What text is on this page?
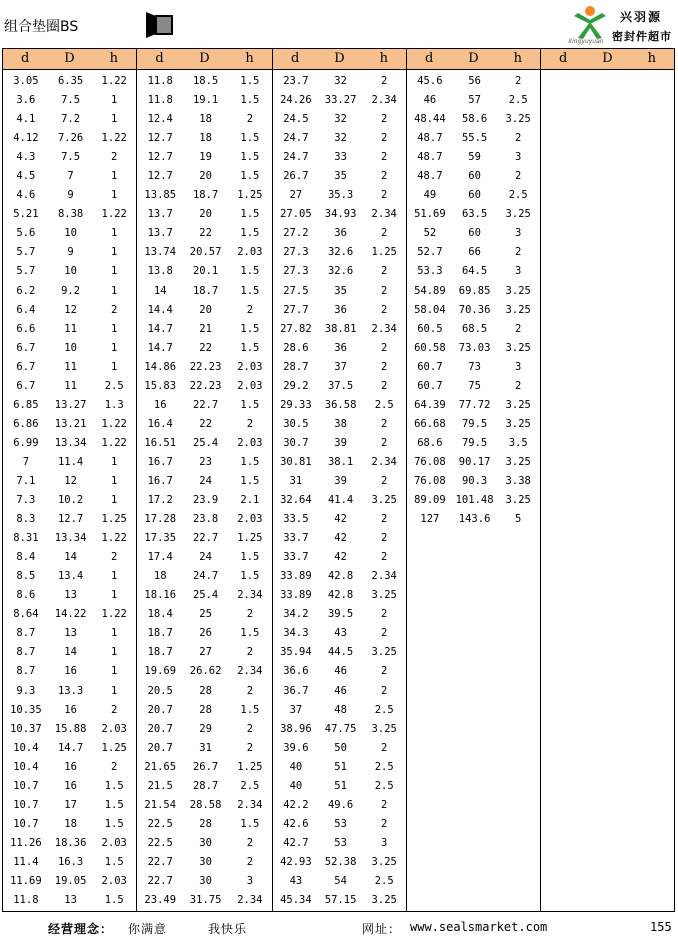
组合垫圈BS
兴羽源
密封件超市
Xingyuyuan
d	D	h
3.05	6.35	1.22
3.6	7.5	1
4.1	7.2	1
4.12	7.26	1.22
4.3	7.5	2
4.5	7	1
4.6	9	1
5.21	8.38	1.22
5.6	10	1
5.7	9	1
5.7	10	1
6.2	9.2	1
6.4	12	2
6.6	11	1
6.7	10	1
6.7	11	1
6.7	11	2.5
6.85	13.27	1.3
6.86	13.21	1.22
6.99	13.34	1.22
7	11.4	1
7.1	12	1
7.3	10.2	1
8.3	12.7	1.25
8.31	13.34	1.22
8.4	14	2
8.5	13.4	1
8.6	13	1
8.64	14.22	1.22
8.7	13	1
8.7	14	1
8.7	16	1
9.3	13.3	1
10.35	16	2
10.37	15.88	2.03
10.4	14.7	1.25
10.4	16	2
10.7	16	1.5
10.7	17	1.5
10.7	18	1.5
11.26	18.36	2.03
11.4	16.3	1.5
11.69	19.05	2.03
11.8	13	1.5
d	D	h
11.8	18.5	1.5
11.8	19.1	1.5
12.4	18	2
12.7	18	1.5
12.7	19	1.5
12.7	20	1.5
13.85	18.7	1.25
13.7	20	1.5
13.7	22	1.5
13.74	20.57	2.03
13.8	20.1	1.5
14	18.7	1.5
14.4	20	2
14.7	21	1.5
14.7	22	1.5
14.86	22.23	2.03
15.83	22.23	2.03
16	22.7	1.5
16.4	22	2
16.51	25.4	2.03
16.7	23	1.5
16.7	24	1.5
17.2	23.9	2.1
17.28	23.8	2.03
17.35	22.7	1.25
17.4	24	1.5
18	24.7	1.5
18.16	25.4	2.34
18.4	25	2
18.7	26	1.5
18.7	27	2
19.69	26.62	2.34
20.5	28	2
20.7	28	1.5
20.7	29	2
20.7	31	2
21.65	26.7	1.25
21.5	28.7	2.5
21.54	28.58	2.34
22.5	28	1.5
22.5	30	2
22.7	30	2
22.7	30	3
23.49	31.75	2.34
d	D	h
23.7	32	2
24.26	33.27	2.34
24.5	32	2
24.7	32	2
24.7	33	2
26.7	35	2
27	35.3	2
27.05	34.93	2.34
27.2	36	2
27.3	32.6	1.25
27.3	32.6	2
27.5	35	2
27.7	36	2
27.82	38.81	2.34
28.6	36	2
28.7	37	2
29.2	37.5	2
29.33	36.58	2.5
30.5	38	2
30.7	39	2
30.81	38.1	2.34
31	39	2
32.64	41.4	3.25
33.5	42	2
33.7	42	2
33.7	42	2
33.89	42.8	2.34
33.89	42.8	3.25
34.2	39.5	2
34.3	43	2
35.94	44.5	3.25
36.6	46	2
36.7	46	2
37	48	2.5
38.96	47.75	3.25
39.6	50	2
40	51	2.5
40	51	2.5
42.2	49.6	2
42.6	53	2
42.7	53	3
42.93	52.38	3.25
43	54	2.5
45.34	57.15	3.25
d	D	h
45.6	56	2
46	57	2.5
48.44	58.6	3.25
48.7	55.5	2
48.7	59	3
48.7	60	2
49	60	2.5
51.69	63.5	3.25
52	60	3
52.7	66	2
53.3	64.5	3
54.89	69.85	3.25
58.04	70.36	3.25
60.5	68.5	2
60.58	73.03	3.25
60.7	73	3
60.7	75	2
64.39	77.72	3.25
66.68	79.5	3.25
68.6	79.5	3.5
76.08	90.17	3.25
76.08	90.3	3.38
89.09 101.48	3.25
127	143.6	5
d	D	h
经营理念： 你满意	我快乐	网址： www.sealsmarket.com	155
